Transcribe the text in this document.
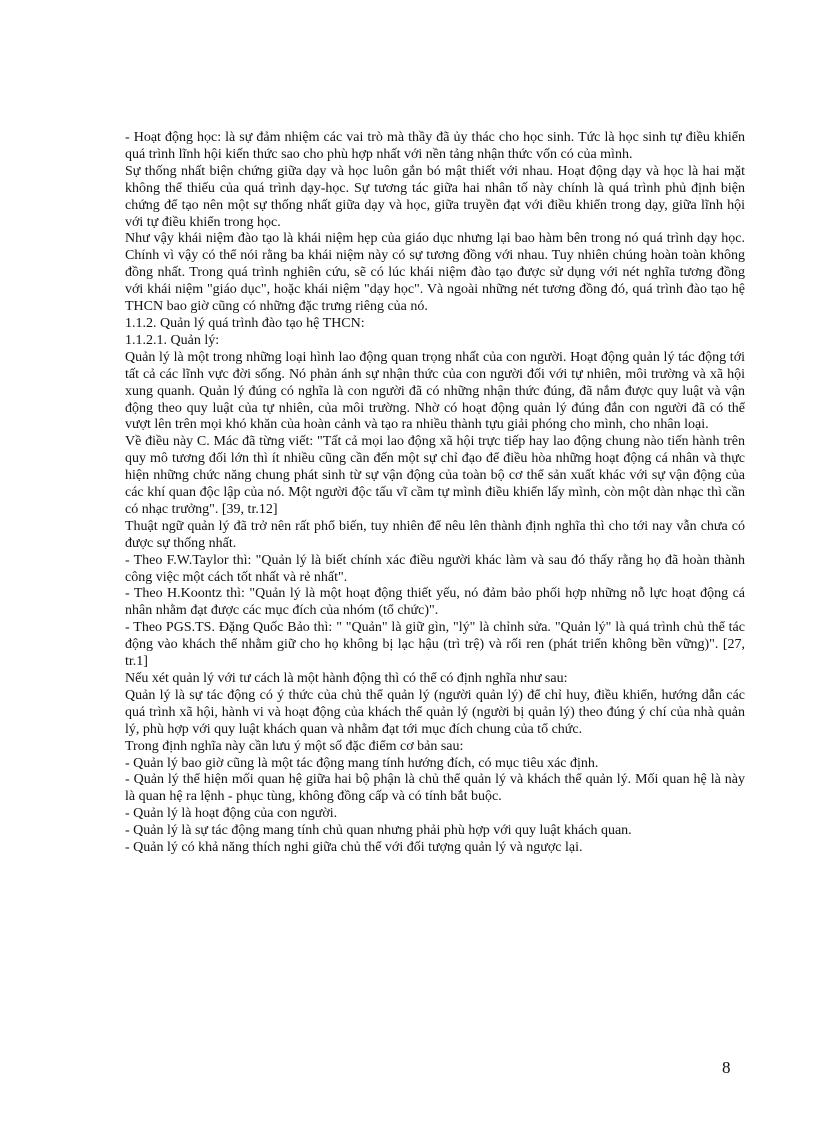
- Hoạt động học: là sự đảm nhiệm các vai trò mà thầy đã ủy thác cho học sinh. Tức là học sinh tự điều khiển quá trình lĩnh hội kiến thức sao cho phù hợp nhất với nền tảng nhận thức vốn có của mình.

Sự thống nhất biện chứng giữa dạy và học luôn gắn bó mật thiết với nhau. Hoạt động dạy và học là hai mặt không thể thiếu của quá trình dạy-học. Sự tương tác giữa hai nhân tố này chính là quá trình phủ định biện chứng để tạo nên một sự thống nhất giữa dạy và học, giữa truyền đạt với điều khiển trong dạy, giữa lĩnh hội với tự điều khiển trong học.

Như vậy khái niệm đào tạo là khái niệm hẹp của giáo dục nhưng lại bao hàm bên trong nó quá trình dạy học. Chính vì vậy có thể nói rằng ba khái niệm này có sự tương đồng với nhau. Tuy nhiên chúng hoàn toàn không đồng nhất. Trong quá trình nghiên cứu, sẽ có lúc khái niệm đào tạo được sử dụng với nét nghĩa tương đồng với khái niệm "giáo dục", hoặc khái niệm "dạy học". Và ngoài những nét tương đồng đó, quá trình đào tạo hệ THCN bao giờ cũng có những đặc trưng riêng của nó.

1.1.2. Quản lý quá trình đào tạo hệ THCN:

1.1.2.1. Quản lý:

Quản lý là một trong những loại hình lao động quan trọng nhất của con người. Hoạt động quản lý tác động tới tất cả các lĩnh vực đời sống. Nó phản ánh sự nhận thức của con người đối với tự nhiên, môi trường và xã hội xung quanh. Quản lý đúng có nghĩa là con người đã có những nhận thức đúng, đã nắm được quy luật và vận động theo quy luật của tự nhiên, của môi trường. Nhờ có hoạt động quản lý đúng đắn con người đã có thể vượt lên trên mọi khó khăn của hoàn cảnh và tạo ra nhiều thành tựu giải phóng cho mình, cho nhân loại.

Về điều này C. Mác đã từng viết: "Tất cả mọi lao động xã hội trực tiếp hay lao động chung nào tiến hành trên quy mô tương đối lớn thì ít nhiều cũng cần đến một sự chỉ đạo để điều hòa những hoạt động cá nhân và thực hiện những chức năng chung phát sinh từ sự vận động của toàn bộ cơ thể sản xuất khác với sự vận động của các khí quan độc lập của nó. Một người độc tấu vĩ cầm tự mình điều khiển lấy mình, còn một dàn nhạc thì cần có nhạc trưởng". [39, tr.12]

Thuật ngữ quản lý đã trở nên rất phổ biến, tuy nhiên để nêu lên thành định nghĩa thì cho tới nay vẫn chưa có được sự thống nhất.

- Theo F.W.Taylor thì: "Quản lý là biết chính xác điều người khác làm và sau đó thấy rằng họ đã hoàn thành công việc một cách tốt nhất và rẻ nhất".

- Theo H.Koontz thì: "Quản lý là một hoạt động thiết yếu, nó đảm bảo phối hợp những nỗ lực hoạt động cá nhân nhằm đạt được các mục đích của nhóm (tổ chức)".

- Theo PGS.TS. Đặng Quốc Bảo thì: " "Quản" là giữ gìn, "lý" là chỉnh sửa. "Quản lý" là quá trình chủ thể tác động vào khách thể nhằm giữ cho họ không bị lạc hậu (trì trệ) và rối ren (phát triển không bền vững)". [27, tr.1]

Nếu xét quản lý với tư cách là một hành động thì có thể có định nghĩa như sau:

Quản lý là sự tác động có ý thức của chủ thể quản lý (người quản lý) để chỉ huy, điều khiển, hướng dẫn các quá trình xã hội, hành vi và hoạt động của khách thể quản lý (người bị quản lý) theo đúng ý chí của nhà quản lý, phù hợp với quy luật khách quan và nhằm đạt tới mục đích chung của tổ chức.

Trong định nghĩa này cần lưu ý một số đặc điểm cơ bản sau:

- Quản lý bao giờ cũng là một tác động mang tính hướng đích, có mục tiêu xác định.

- Quản lý thể hiện mối quan hệ giữa hai bộ phận là chủ thể quản lý và khách thể quản lý. Mối quan hệ là này là quan hệ ra lệnh - phục tùng, không đồng cấp và có tính bắt buộc.

- Quản lý là hoạt động của con người.

- Quản lý là sự tác động mang tính chủ quan nhưng phải phù hợp với quy luật khách quan.

- Quản lý có khả năng thích nghi giữa chủ thể với đối tượng quản lý và ngược lại.

8
